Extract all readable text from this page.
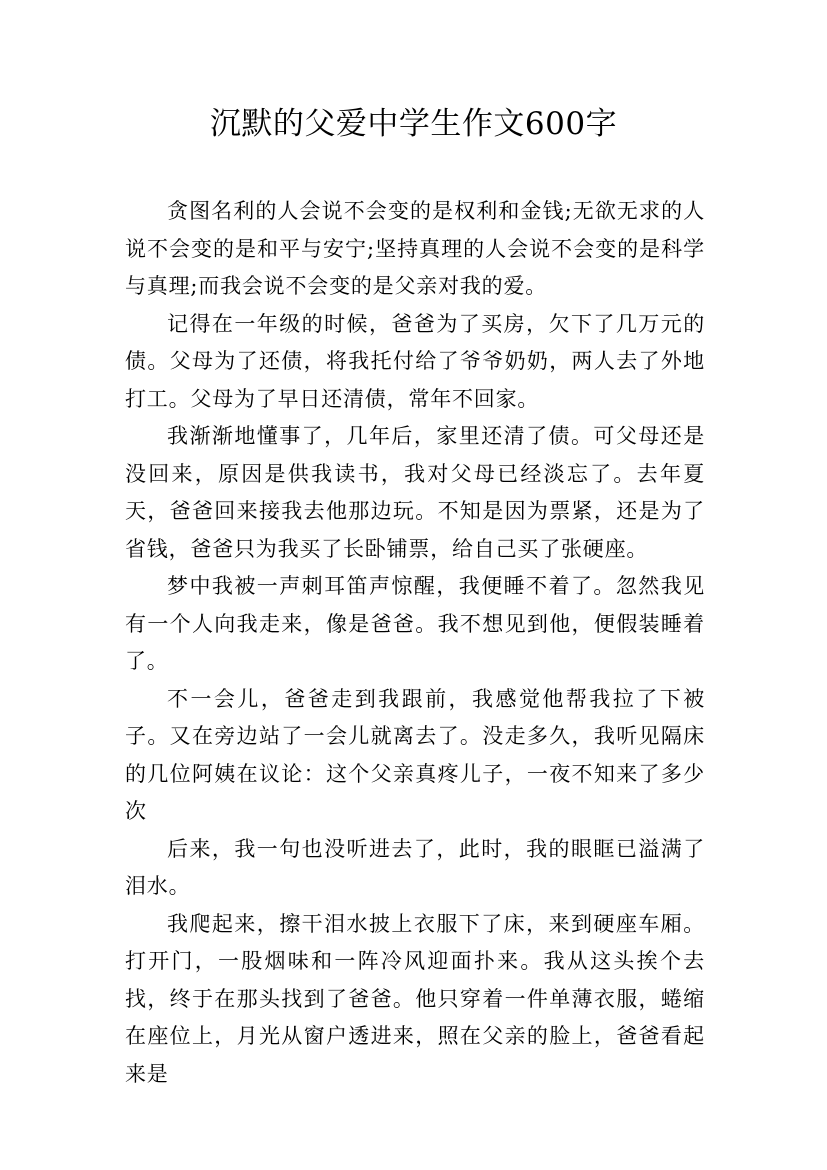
沉默的父爱中学生作文600字

贪图名利的人会说不会变的是权利和金钱;无欲无求的人说不会变的是和平与安宁;坚持真理的人会说不会变的是科学与真理;而我会说不会变的是父亲对我的爱。

记得在一年级的时候，爸爸为了买房，欠下了几万元的债。父母为了还债，将我托付给了爷爷奶奶，两人去了外地打工。父母为了早日还清债，常年不回家。

我渐渐地懂事了，几年后，家里还清了债。可父母还是没回来，原因是供我读书，我对父母已经淡忘了。去年夏天，爸爸回来接我去他那边玩。不知是因为票紧，还是为了省钱，爸爸只为我买了长卧铺票，给自己买了张硬座。

梦中我被一声刺耳笛声惊醒，我便睡不着了。忽然我见有一个人向我走来，像是爸爸。我不想见到他，便假装睡着了。

不一会儿，爸爸走到我跟前，我感觉他帮我拉了下被子。又在旁边站了一会儿就离去了。没走多久，我听见隔床的几位阿姨在议论：这个父亲真疼儿子，一夜不知来了多少次

后来，我一句也没听进去了，此时，我的眼眶已溢满了泪水。

我爬起来，擦干泪水披上衣服下了床，来到硬座车厢。打开门，一股烟味和一阵冷风迎面扑来。我从这头挨个去找，终于在那头找到了爸爸。他只穿着一件单薄衣服，蜷缩在座位上，月光从窗户透进来，照在父亲的脸上，爸爸看起来是
